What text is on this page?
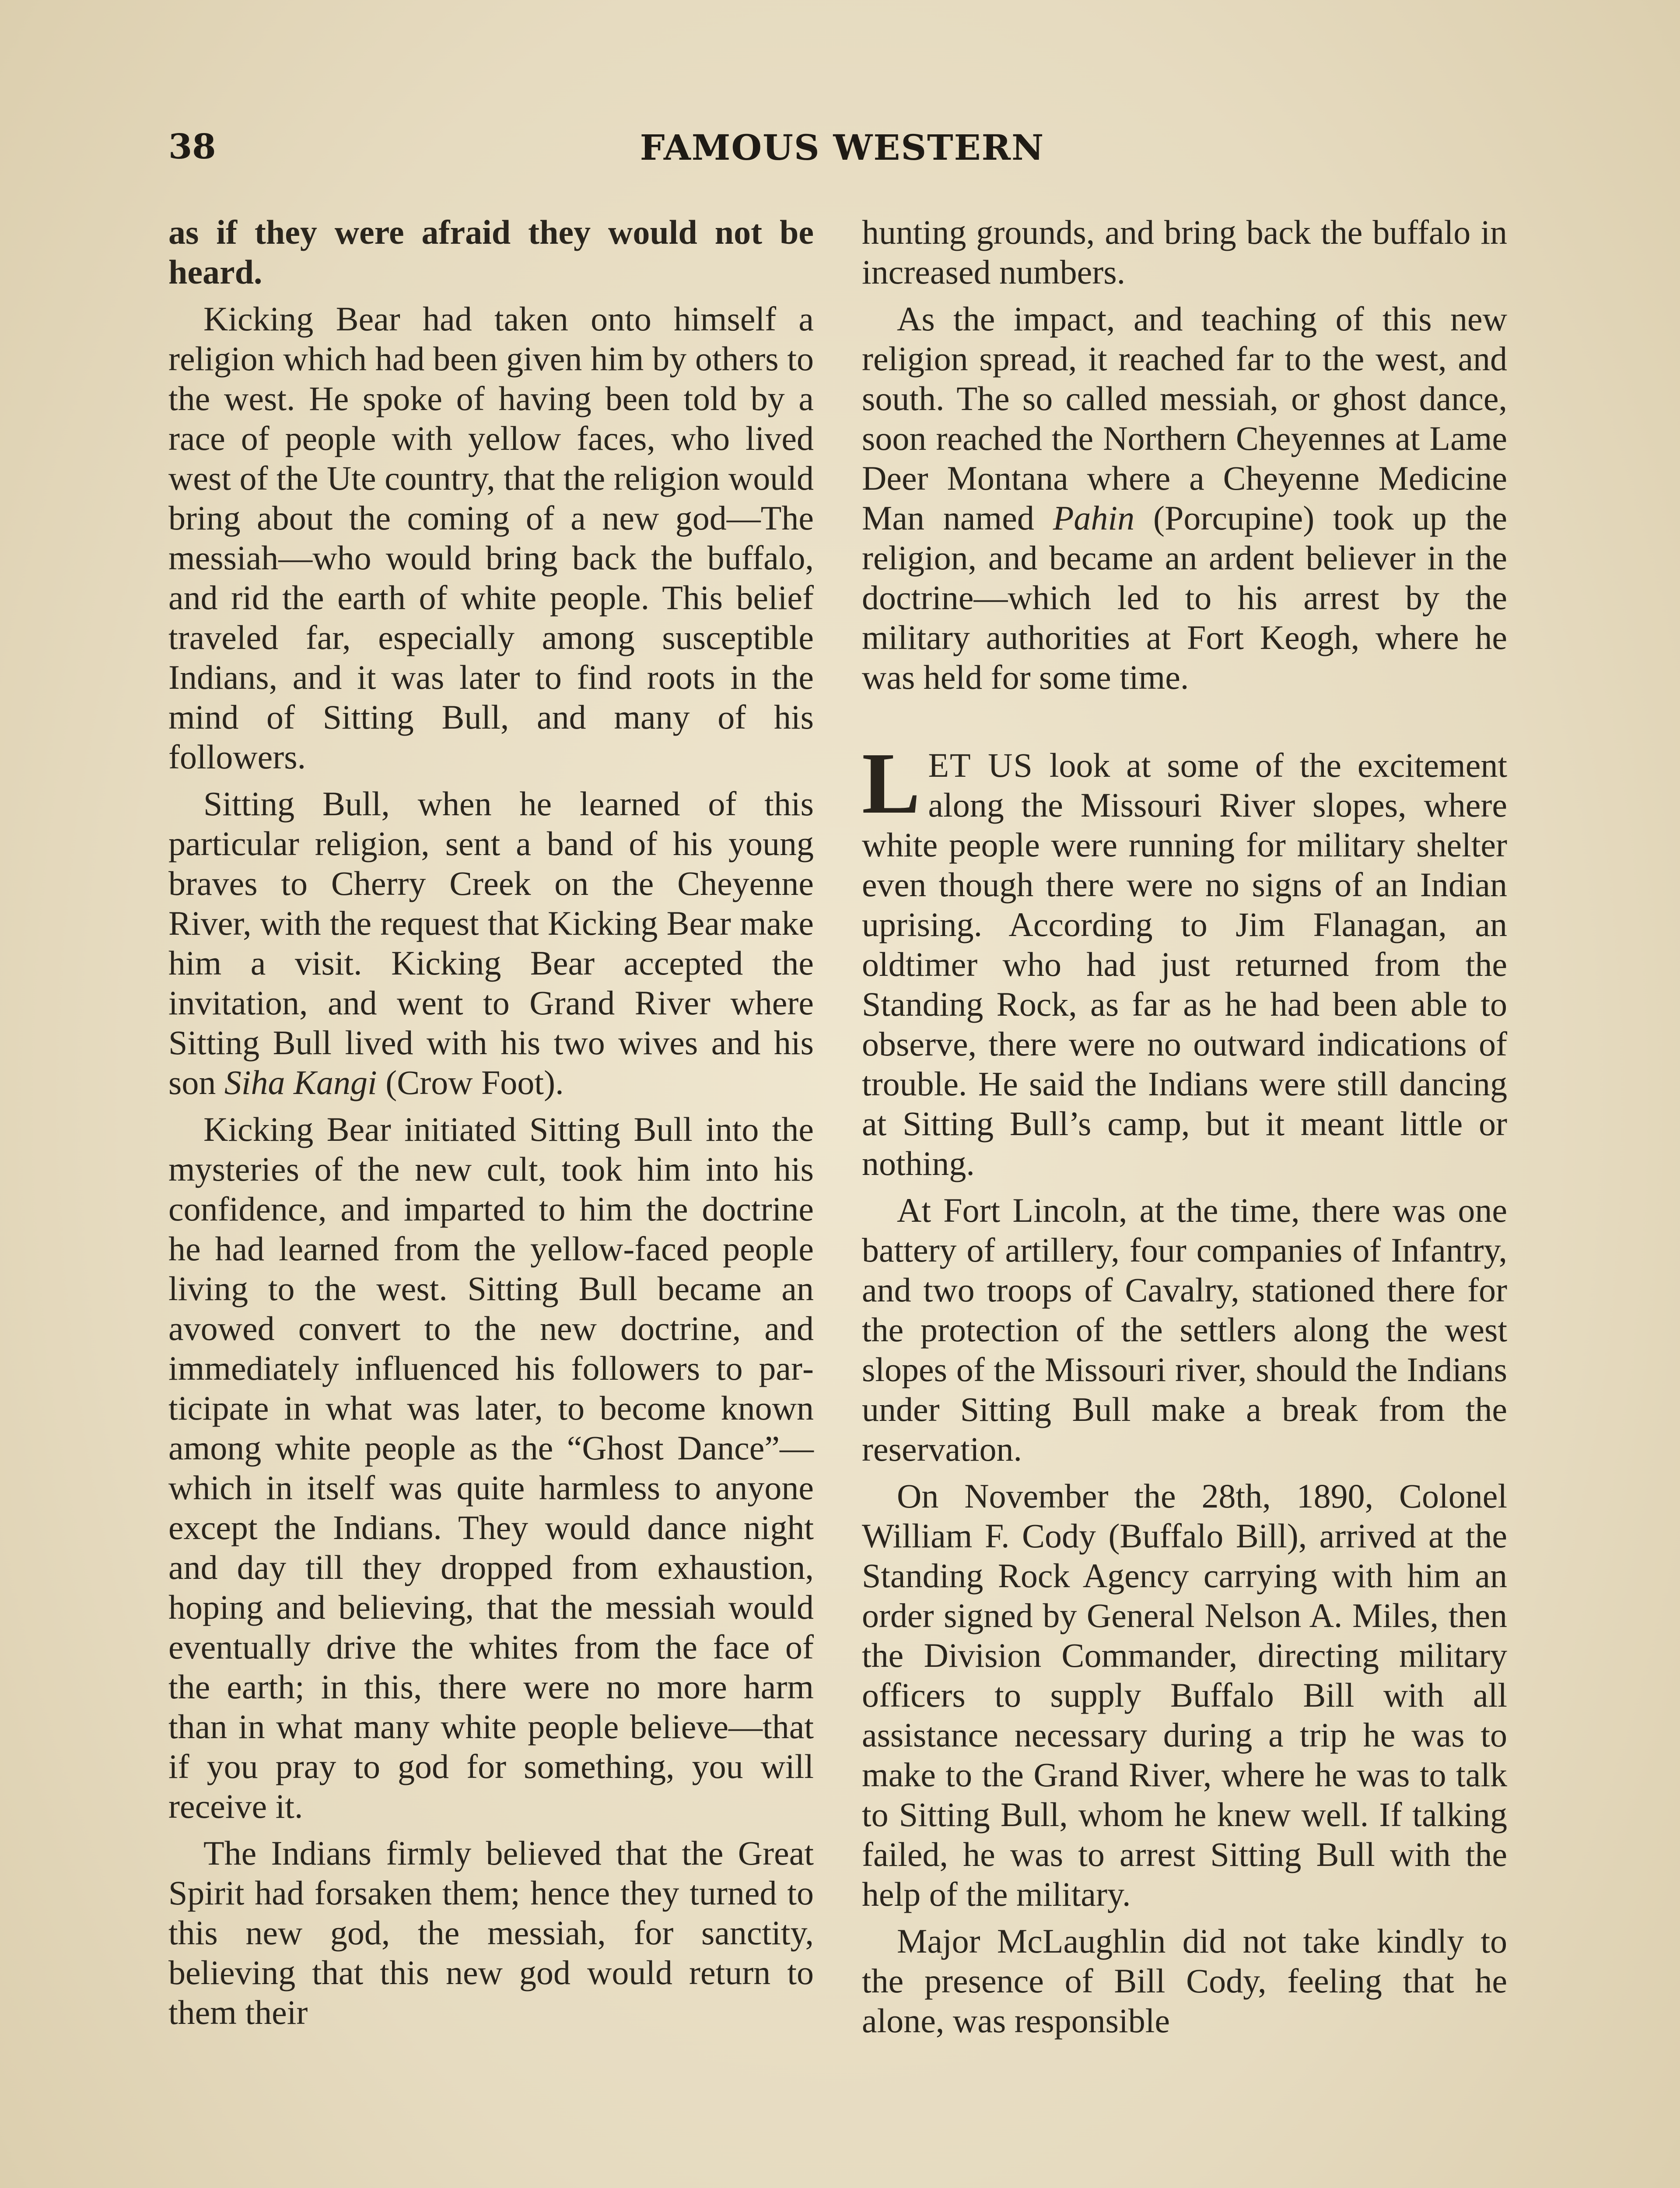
38	FAMOUS WESTERN

as if they were afraid they would not be heard.

Kicking Bear had taken onto himself a religion which had been given him by others to the west. He spoke of having been told by a race of people with yellow faces, who lived west of the Ute country, that the religion would bring about the coming of a new god—The messiah—who would bring back the buffalo, and rid the earth of white people. This belief traveled far, especially among susceptible Indians, and it was later to find roots in the mind of Sitting Bull, and many of his followers.

Sitting Bull, when he learned of this particular religion, sent a band of his young braves to Cherry Creek on the Cheyenne River, with the request that Kicking Bear make him a visit. Kicking Bear accepted the invitation, and went to Grand River where Sitting Bull lived with his two wives and his son Siha Kangi (Crow Foot).

Kicking Bear initiated Sitting Bull into the mysteries of the new cult, took him into his confidence, and imparted to him the doctrine he had learned from the yellow-faced people living to the west. Sitting Bull became an avowed convert to the new doctrine, and immediately influenced his followers to participate in what was later, to become known among white people as the “Ghost Dance”—which in itself was quite harmless to anyone except the Indians. They would dance night and day till they dropped from exhaustion, hoping and believing, that the messiah would eventually drive the whites from the face of the earth; in this, there were no more harm than in what many white people believe—that if you pray to god for something, you will receive it.

The Indians firmly believed that the Great Spirit had forsaken them; hence they turned to this new god, the messiah, for sanctity, believing that this new god would return to them their

hunting grounds, and bring back the buffalo in increased numbers.

As the impact, and teaching of this new religion spread, it reached far to the west, and south. The so called messiah, or ghost dance, soon reached the Northern Cheyennes at Lame Deer Montana where a Cheyenne Medicine Man named Pahin (Porcupine) took up the religion, and became an ardent believer in the doctrine—which led to his arrest by the military authorities at Fort Keogh, where he was held for some time.

LET US look at some of the excitement along the Missouri River slopes, where white people were running for military shelter even though there were no signs of an Indian uprising. According to Jim Flanagan, an oldtimer who had just returned from the Standing Rock, as far as he had been able to observe, there were no outward indications of trouble. He said the Indians were still dancing at Sitting Bull’s camp, but it meant little or nothing.

At Fort Lincoln, at the time, there was one battery of artillery, four companies of Infantry, and two troops of Cavalry, stationed there for the protection of the settlers along the west slopes of the Missouri river, should the Indians under Sitting Bull make a break from the reservation.

On November the 28th, 1890, Colonel William F. Cody (Buffalo Bill), arrived at the Standing Rock Agency carrying with him an order signed by General Nelson A. Miles, then the Division Commander, directing military officers to supply Buffalo Bill with all assistance necessary during a trip he was to make to the Grand River, where he was to talk to Sitting Bull, whom he knew well. If talking failed, he was to arrest Sitting Bull with the help of the military.

Major McLaughlin did not take kindly to the presence of Bill Cody, feeling that he alone, was responsible
